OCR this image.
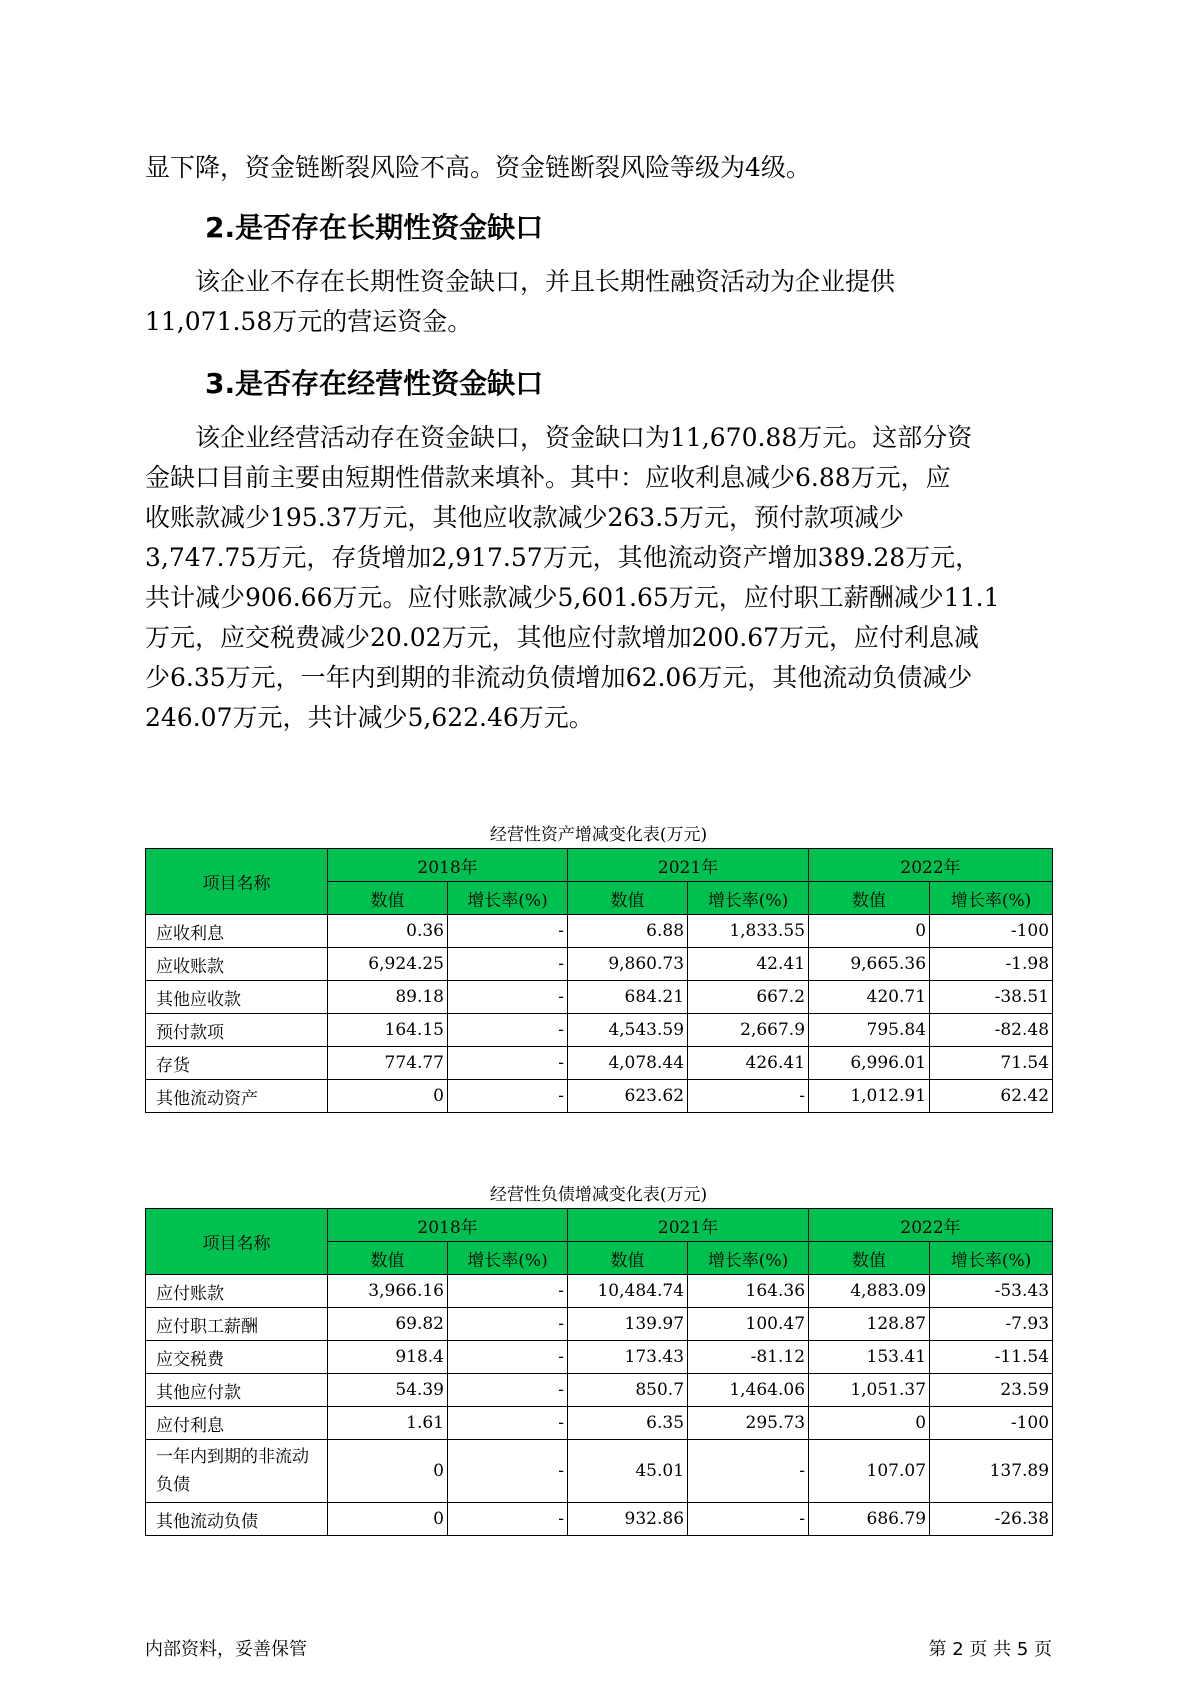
显下降，资金链断裂风险不高。资金链断裂风险等级为4级。

2.是否存在长期性资金缺口

　　该企业不存在长期性资金缺口，并且长期性融资活动为企业提供

11,071.58万元的营运资金。

3.是否存在经营性资金缺口

　　该企业经营活动存在资金缺口，资金缺口为11,670.88万元。这部分资

金缺口目前主要由短期性借款来填补。其中：应收利息减少6.88万元，应

收账款减少195.37万元，其他应收款减少263.5万元，预付款项减少

3,747.75万元，存货增加2,917.57万元，其他流动资产增加389.28万元，

共计减少906.66万元。应付账款减少5,601.65万元，应付职工薪酬减少11.1

万元，应交税费减少20.02万元，其他应付款增加200.67万元，应付利息减

少6.35万元，一年内到期的非流动负债增加62.06万元，其他流动负债减少

246.07万元，共计减少5,622.46万元。

经营性资产增减变化表(万元)
项目名称	2018年		2021年		2022年	
	数值	增长率(%)	数值	增长率(%)	数值	增长率(%)
应收利息	0.36	-	6.88	1,833.55	0	-100
应收账款	6,924.25	-	9,860.73	42.41	9,665.36	-1.98
其他应收款	89.18	-	684.21	667.2	420.71	-38.51
预付款项	164.15	-	4,543.59	2,667.9	795.84	-82.48
存货	774.77	-	4,078.44	426.41	6,996.01	71.54
其他流动资产	0	-	623.62	-	1,012.91	62.42
经营性负债增减变化表(万元)
项目名称	2018年		2021年		2022年	
	数值	增长率(%)	数值	增长率(%)	数值	增长率(%)
应付账款	3,966.16	-	10,484.74	164.36	4,883.09	-53.43
应付职工薪酬	69.82	-	139.97	100.47	128.87	-7.93
应交税费	918.4	-	173.43	-81.12	153.41	-11.54
其他应付款	54.39	-	850.7	1,464.06	1,051.37	23.59
应付利息	1.61	-	6.35	295.73	0	-100
一年内到期的非流动负债	0	-	45.01	-	107.07	137.89
其他流动负债	0	-	932.86	-	686.79	-26.38
内部资料，妥善保管	第 2 页 共 5 页
